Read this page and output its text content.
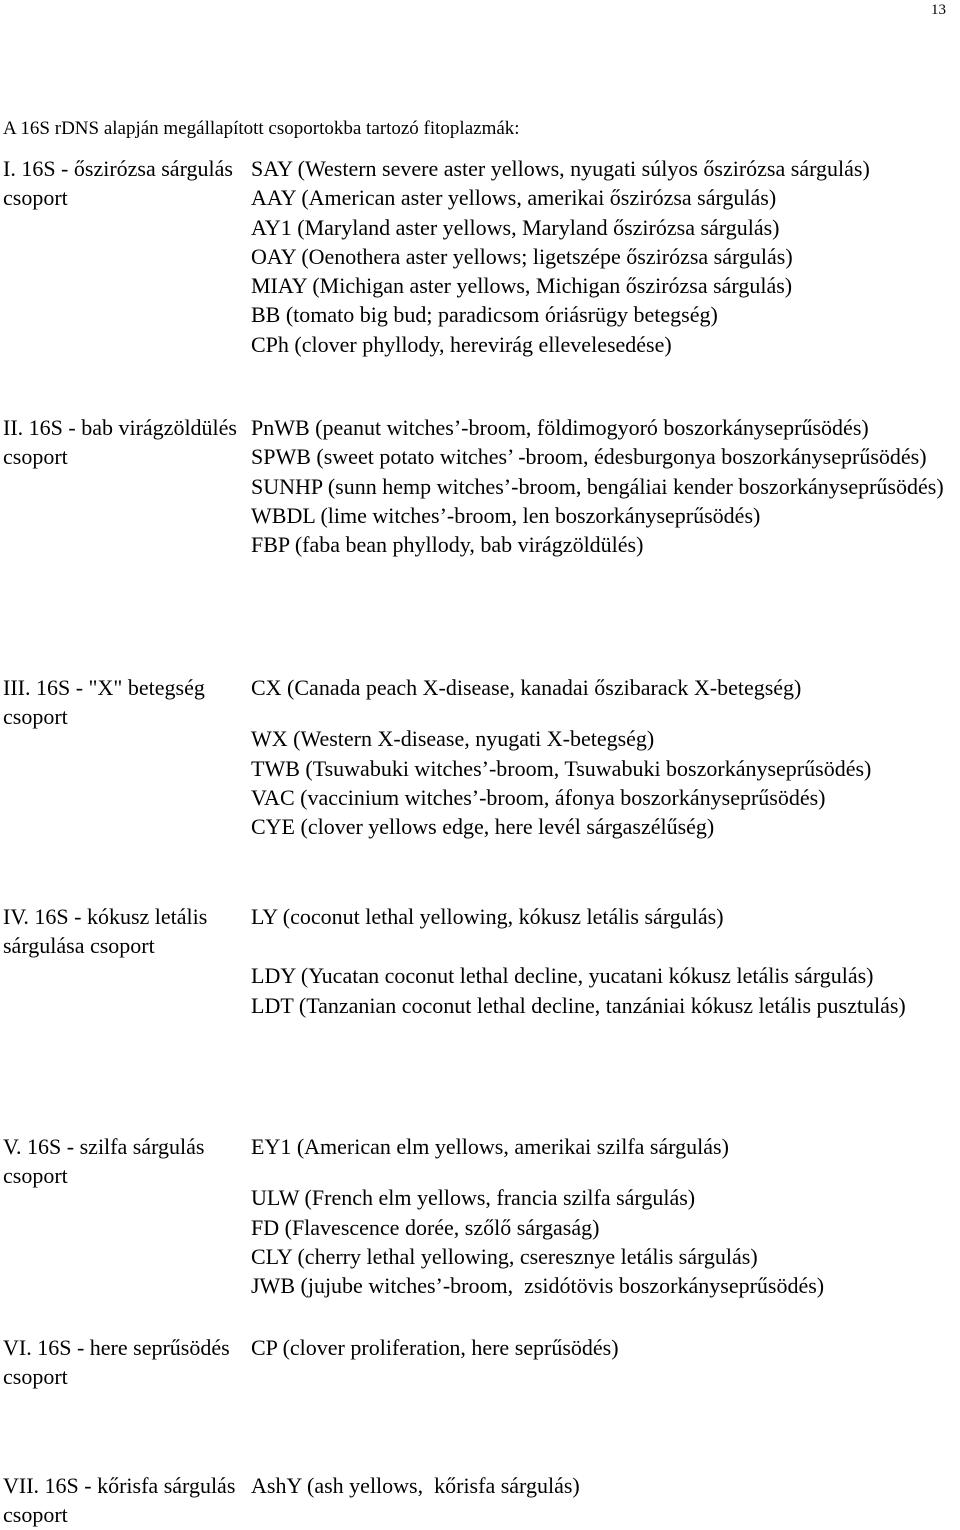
13
A 16S rDNS alapján megállapított csoportokba tartozó fitoplazmák:
I. 16S - őszirózsa sárgulás csoport
SAY (Western severe aster yellows, nyugati súlyos őszirózsa sárgulás)
AAY (American aster yellows, amerikai őszirózsa sárgulás)
AY1 (Maryland aster yellows, Maryland őszirózsa sárgulás)
OAY (Oenothera aster yellows; ligetszépe őszirózsa sárgulás)
MIAY (Michigan aster yellows, Michigan őszirózsa sárgulás)
BB (tomato big bud; paradicsom óriásrügy betegség)
CPh (clover phyllody, herevirág ellevelesedése)
II. 16S - bab virágzöldülés csoport
PnWB (peanut witches’-broom, földimogyoró boszorkányseprűsödés)
SPWB (sweet potato witches’ -broom, édesburgonya boszorkányseprűsödés)
SUNHP (sunn hemp witches’-broom, bengáliai kender boszorkányseprűsödés)
WBDL (lime witches’-broom, len boszorkányseprűsödés)
FBP (faba bean phyllody, bab virágzöldülés)
III. 16S - "X" betegség csoport
CX (Canada peach X-disease, kanadai őszibarack X-betegség)
WX (Western X-disease, nyugati X-betegség)
TWB (Tsuwabuki witches’-broom, Tsuwabuki boszorkányseprűsödés)
VAC (vaccinium witches’-broom, áfonya boszorkányseprűsödés)
CYE (clover yellows edge, here levél sárgaszélűség)
IV. 16S - kókusz letális sárgulása csoport
LY (coconut lethal yellowing, kókusz letális sárgulás)
LDY (Yucatan coconut lethal decline, yucatani kókusz letális sárgulás)
LDT (Tanzanian coconut lethal decline, tanzániai kókusz letális pusztulás)
V. 16S - szilfa sárgulás csoport
EY1 (American elm yellows, amerikai szilfa sárgulás)
ULW (French elm yellows, francia szilfa sárgulás)
FD (Flavescence dorée, szőlő sárgaság)
CLY (cherry lethal yellowing, cseresznye letális sárgulás)
JWB (jujube witches’-broom,  zsidótövis boszorkányseprűsödés)
VI. 16S - here seprűsödés csoport
CP (clover proliferation, here seprűsödés)
VII. 16S - kőrisfa sárgulás csoport
AshY (ash yellows,  kőrisfa sárgulás)
